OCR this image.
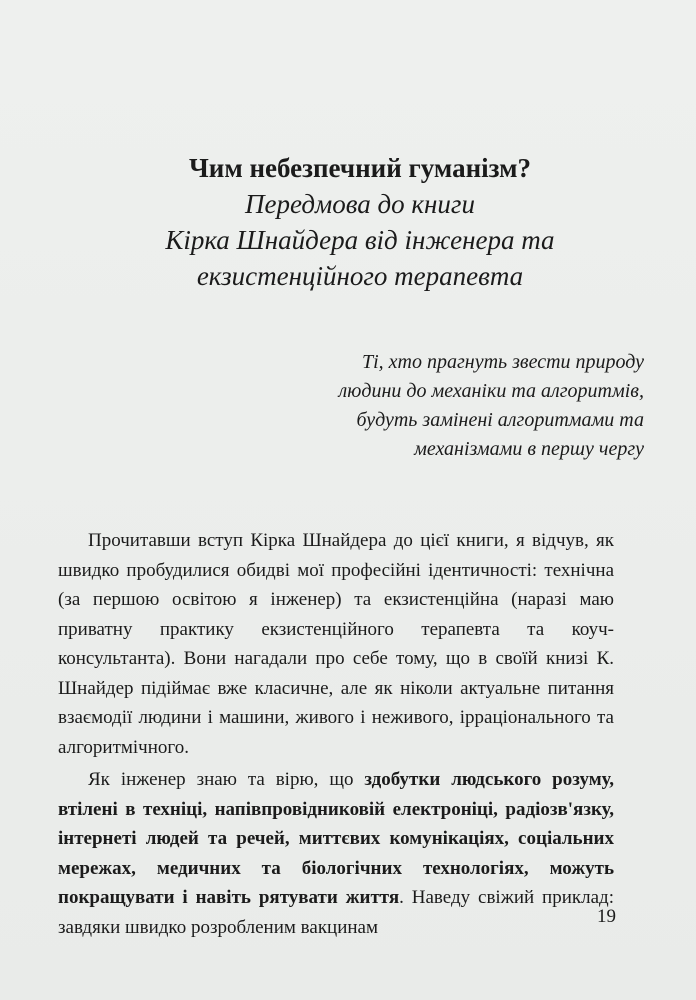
Чим небезпечний гуманізм?

Передмова до книги

Кірка Шнайдера від інженера та

екзистенційного терапевта

Ті, хто прагнуть звести природу
людини до механіки та алгоритмів,
будуть замінені алгоритмами та
механізмами в першу чергу

Прочитавши вступ Кірка Шнайдера до цієї книги, я відчув, як швидко пробудилися обидві мої професійні ідентичності: технічна (за першою освітою я інженер) та екзистенційна (наразі маю приватну практику екзистенційного терапевта та коуч-консультанта). Вони нагадали про себе тому, що в своїй книзі К. Шнайдер підіймає вже класичне, але як ніколи актуальне питання взаємодії людини і машини, живого і неживого, ірраціонального та алгоритмічного.

Як інженер знаю та вірю, що здобутки людського розуму, втілені в техніці, напівпровідниковій електроніці, радіозв'язку, інтернеті людей та речей, миттєвих комунікаціях, соціальних мережах, медичних та біологічних технологіях, можуть покращувати і навіть рятувати життя. Наведу свіжий приклад: завдяки швидко розробленим вакцинам	19
